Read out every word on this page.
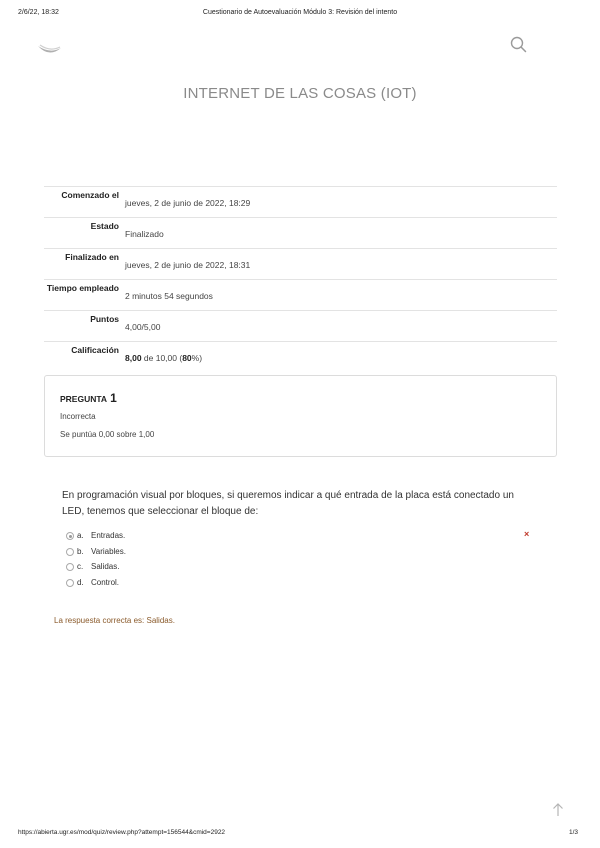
2/6/22, 18:32	Cuestionario de Autoevaluación Módulo 3: Revisión del intento
INTERNET DE LAS COSAS (IOT)
Comenzado el
jueves, 2 de junio de 2022, 18:29
Estado
Finalizado
Finalizado en
jueves, 2 de junio de 2022, 18:31
Tiempo empleado
2 minutos 54 segundos
Puntos
4,00/5,00
Calificación
8,00 de 10,00 (80%)
PREGUNTA 1
Incorrecta
Se puntúa 0,00 sobre 1,00
En programación visual por bloques, si queremos indicar a qué entrada de la placa está conectado un LED, tenemos que seleccionar el bloque de:
a. Entradas.
b. Variables.
c. Salidas.
d. Control.
×
La respuesta correcta es: Salidas.
https://abierta.ugr.es/mod/quiz/review.php?attempt=156544&cmid=2922	1/3
